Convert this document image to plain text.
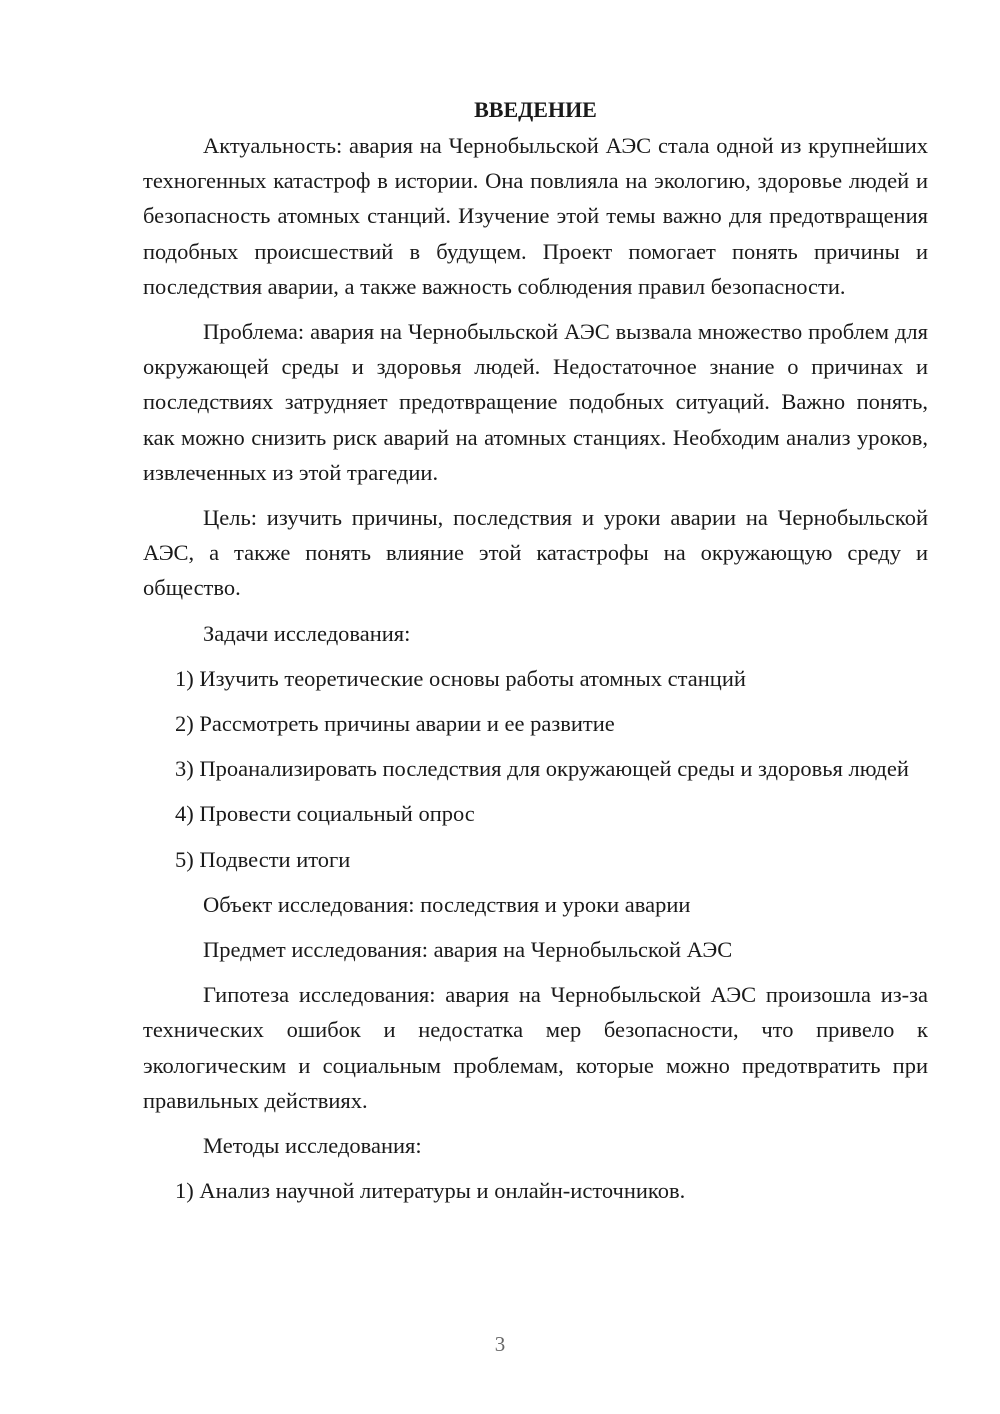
ВВЕДЕНИЕ

Актуальность: авария на Чернобыльской АЭС стала одной из крупнейших техногенных катастроф в истории. Она повлияла на экологию, здоровье людей и безопасность атомных станций. Изучение этой темы важно для предотвращения подобных происшествий в будущем. Проект помогает понять причины и последствия аварии, а также важность соблюдения правил безопасности.

Проблема: авария на Чернобыльской АЭС вызвала множество проблем для окружающей среды и здоровья людей. Недостаточное знание о причинах и последствиях затрудняет предотвращение подобных ситуаций. Важно понять, как можно снизить риск аварий на атомных станциях. Необходим анализ уроков, извлеченных из этой трагедии.

Цель: изучить причины, последствия и уроки аварии на Чернобыльской АЭС, а также понять влияние этой катастрофы на окружающую среду и общество.

Задачи исследования:

1) Изучить теоретические основы работы атомных станций

2) Рассмотреть причины аварии и ее развитие

3) Проанализировать последствия для окружающей среды и здоровья людей

4) Провести социальный опрос

5) Подвести итоги

Объект исследования: последствия и уроки аварии

Предмет исследования: авария на Чернобыльской АЭС

Гипотеза исследования: авария на Чернобыльской АЭС произошла из-за технических ошибок и недостатка мер безопасности, что привело к экологическим и социальным проблемам, которые можно предотвратить при правильных действиях.

Методы исследования:

1) Анализ научной литературы и онлайн-источников.

3
